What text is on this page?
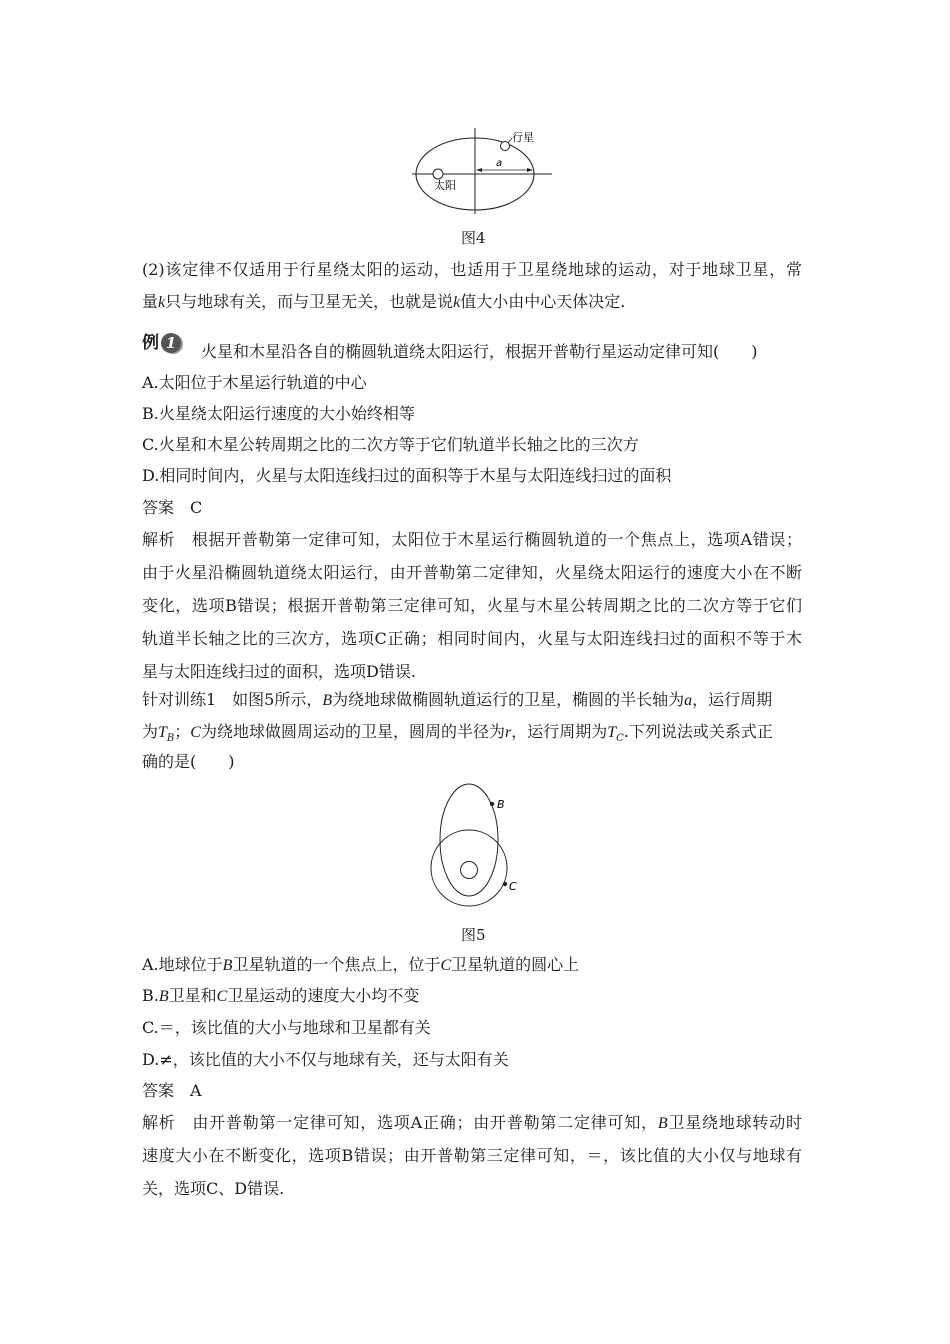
行星
太阳
a
图4
(2)该定律不仅适用于行星绕太阳的运动，也适用于卫星绕地球的运动，对于地球卫星，常
量k只与地球有关，而与卫星无关，也就是说k值大小由中心天体决定.
例 1 火星和木星沿各自的椭圆轨道绕太阳运行，根据开普勒行星运动定律可知(　　)
A.太阳位于木星运行轨道的中心
B.火星绕太阳运行速度的大小始终相等
C.火星和木星公转周期之比的二次方等于它们轨道半长轴之比的三次方
D.相同时间内，火星与太阳连线扫过的面积等于木星与太阳连线扫过的面积
答案　C
解析　根据开普勒第一定律可知，太阳位于木星运行椭圆轨道的一个焦点上，选项A错误；
由于火星沿椭圆轨道绕太阳运行，由开普勒第二定律知，火星绕太阳运行的速度大小在不断
变化，选项B错误；根据开普勒第三定律可知，火星与木星公转周期之比的二次方等于它们
轨道半长轴之比的三次方，选项C正确；相同时间内，火星与太阳连线扫过的面积不等于木
星与太阳连线扫过的面积，选项D错误.
针对训练1　如图5所示，B为绕地球做椭圆轨道运行的卫星，椭圆的半长轴为a，运行周期
为$T_B$；C为绕地球做圆周运动的卫星，圆周的半径为r，运行周期为$T_C$.下列说法或关系式正
确的是(　　)
B
C
图5
A.地球位于B卫星轨道的一个焦点上，位于C卫星轨道的圆心上
B.B卫星和C卫星运动的速度大小均不变
C.＝，该比值的大小与地球和卫星都有关
D.≠，该比值的大小不仅与地球有关，还与太阳有关
答案　A
解析　由开普勒第一定律可知，选项A正确；由开普勒第二定律可知，B卫星绕地球转动时
速度大小在不断变化，选项B错误；由开普勒第三定律可知，＝，该比值的大小仅与地球有
关，选项C、D错误.
